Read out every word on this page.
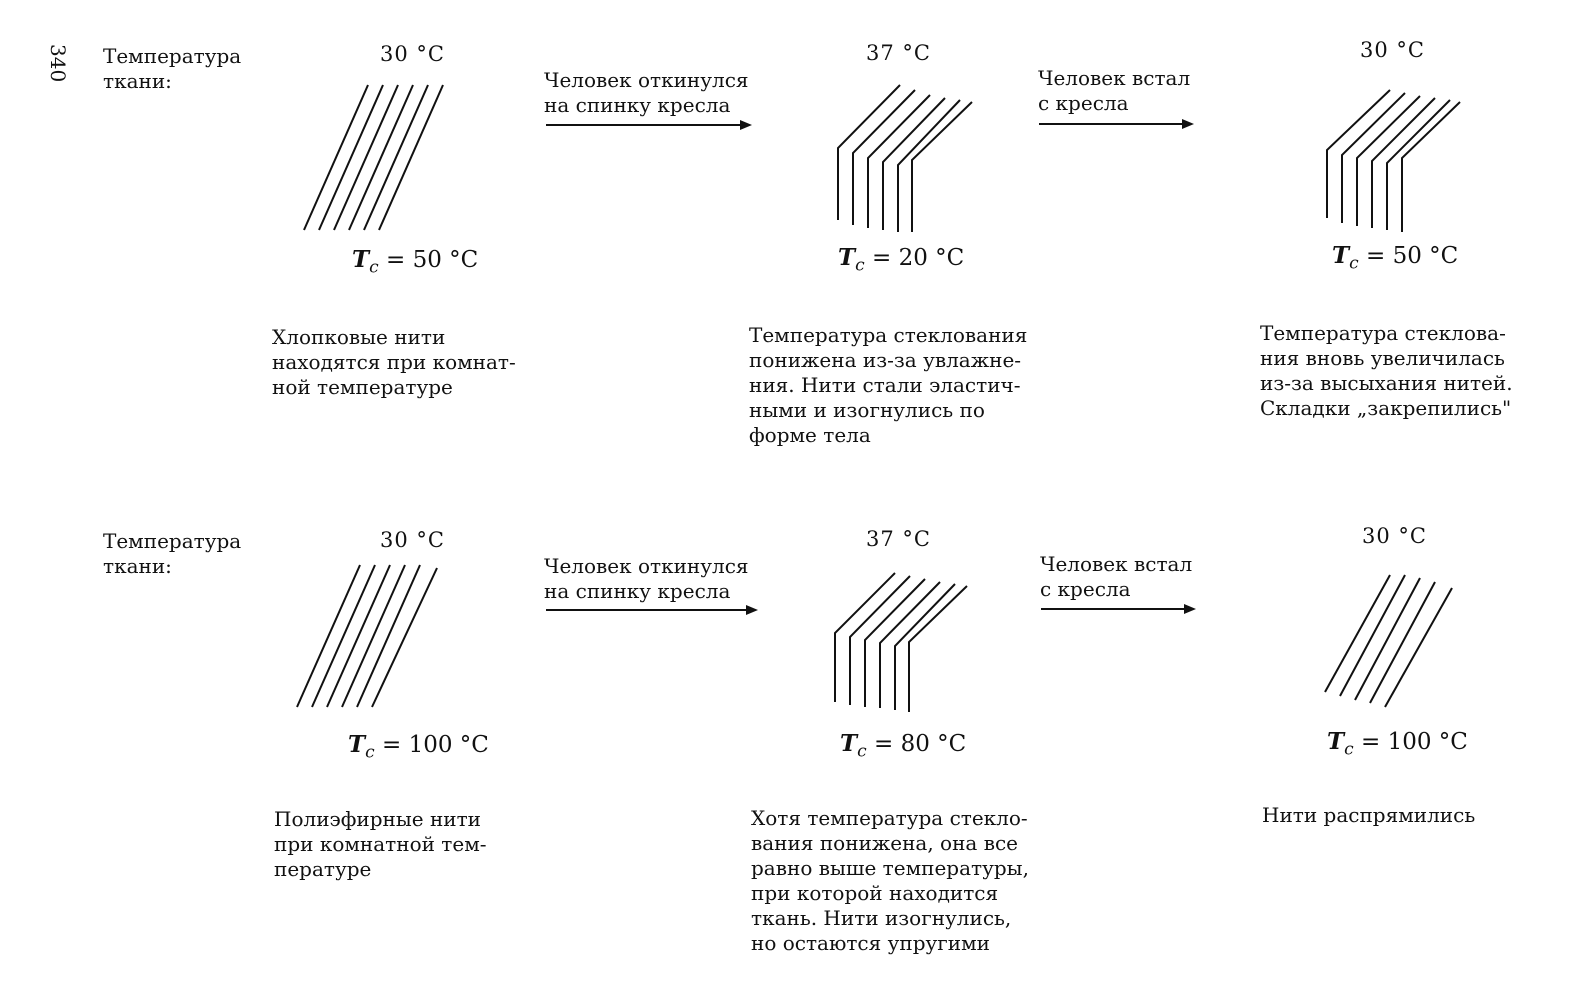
340 Температура
ткани:
30 °C	37 °C	30 °C
$T_c = 50$ °C	$T_c = 20$ °C	$T_c = 50$ °C
Человек откинулся
на спинку кресла
Человек встал
с кресла
Хлопковые нити
находятся при комнат-
ной температуре
Температура стеклования
понижена из-за увлажне-
ния. Нити стали эластич-
ными и изогнулись по
форме тела
Температура стеклова-
ния вновь увеличилась
из-за высыхания нитей.
Складки „закрепились"
Температура
ткани:
30 °C	37 °C	30 °C
$T_c = 100$ °C	$T_c = 80$ °C	$T_c = 100$ °C
Человек откинулся
на спинку кресла
Человек встал
с кресла
Полиэфирные нити
при комнатной тем-
пературе
Хотя температура стекло-
вания понижена, она все
равно выше температуры,
при которой находится
ткань. Нити изогнулись,
но остаются упругими
Нити распрямились
